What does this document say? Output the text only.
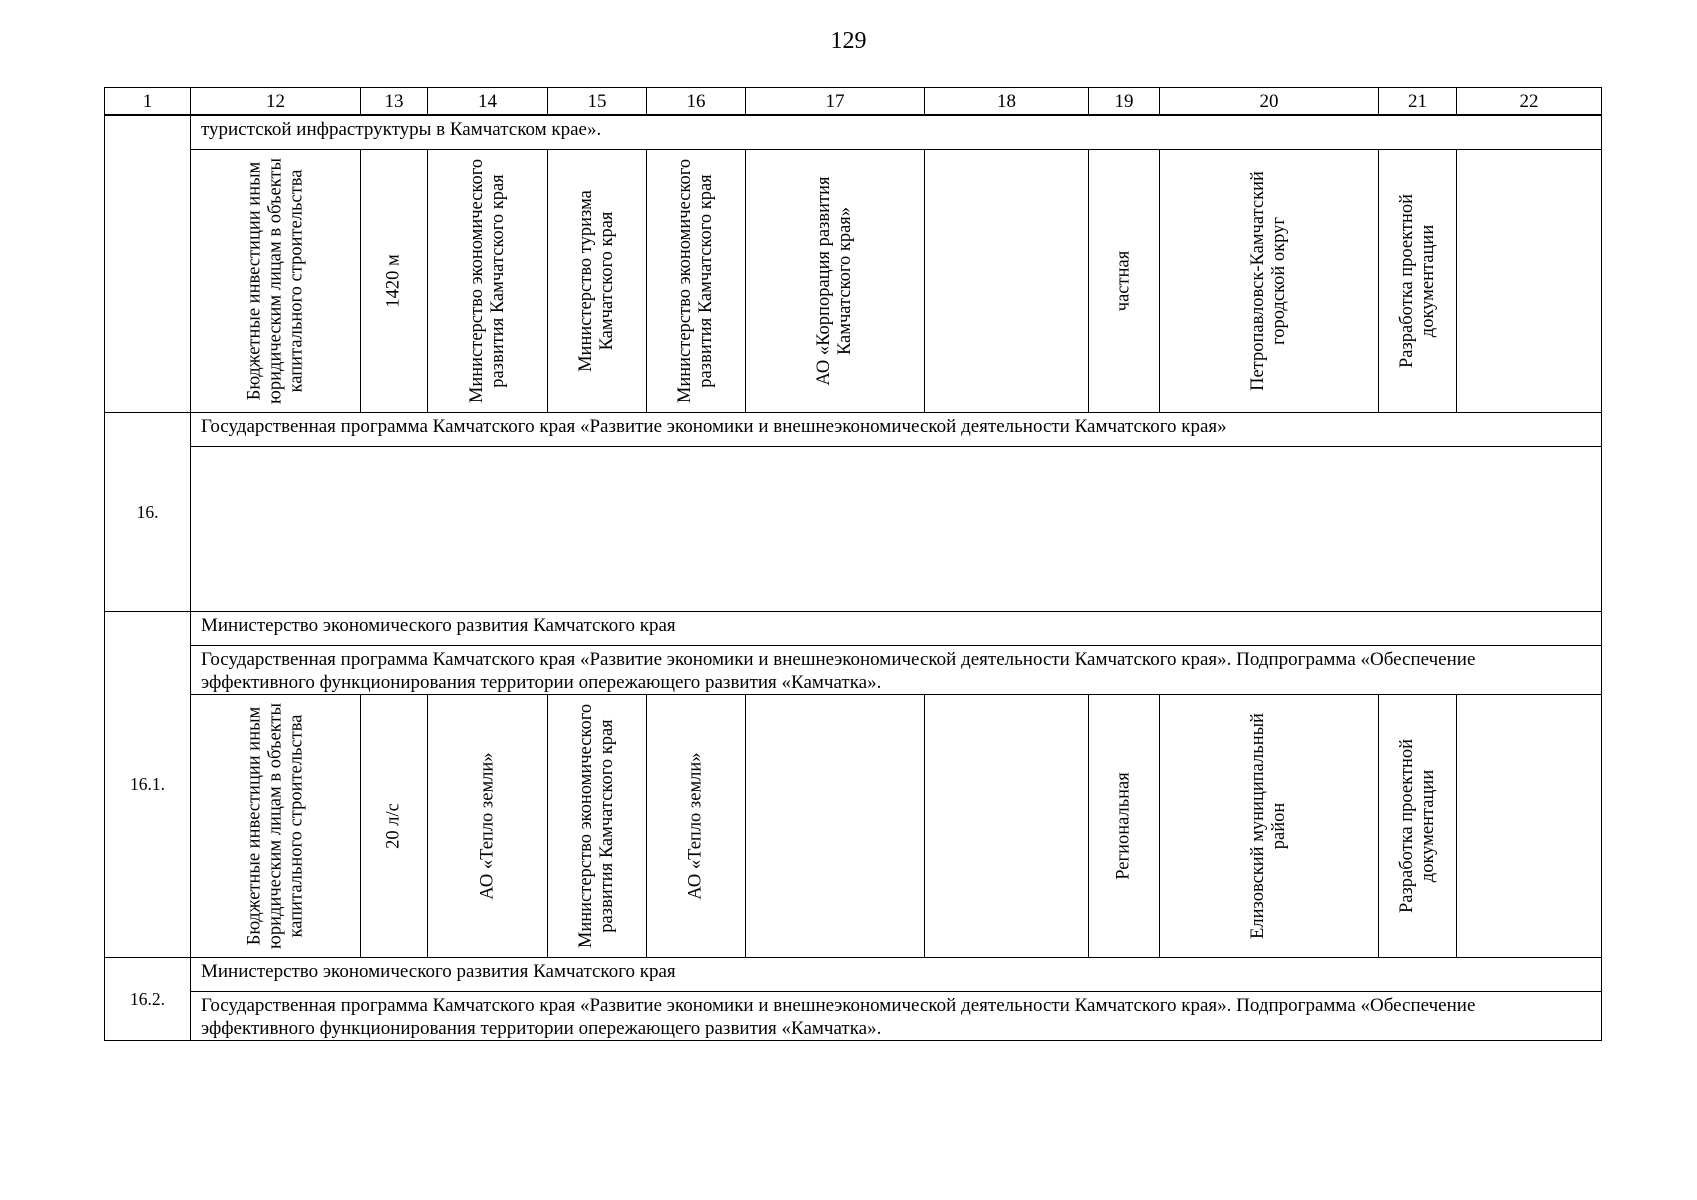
129
1	12	13	14	15	16	17	18	19	20	21	22
	туристской инфраструктуры в Камчатском крае».										

	Бюджетные инвестиции иным юридическим лицам в объекты капитального строительства	1420 м	Министерство экономического развития Камчатского края	Министерство туризма Камчатского края	Министерство экономического развития Камчатского края	АО «Корпорация развития Камчатского края»		частная	Петропавловск-Камчатский городской округ	Разработка проектной документации	

16.	Государственная программа Камчатского края «Развитие экономики и внешнеэкономической деятельности Камчатского края»										

16.1.	Министерство экономического развития Камчатского края										
	Государственная программа Камчатского края «Развитие экономики и внешнеэкономической деятельности Камчатского края». Подпрограмма «Обеспечение эффективного функционирования территории опережающего развития «Камчатка».										

	Бюджетные инвестиции иным юридическим лицам в объекты капитального строительства	20 л/с	АО «Тепло земли»	Министерство экономического развития Камчатского края	АО «Тепло земли»			Региональная	Елизовский муниципальный район	Разработка проектной документации	

16.2.	Министерство экономического развития Камчатского края										
	Государственная программа Камчатского края «Развитие экономики и внешнеэкономической деятельности Камчатского края». Подпрограмма «Обеспечение эффективного функционирования территории опережающего развития «Камчатка».										
